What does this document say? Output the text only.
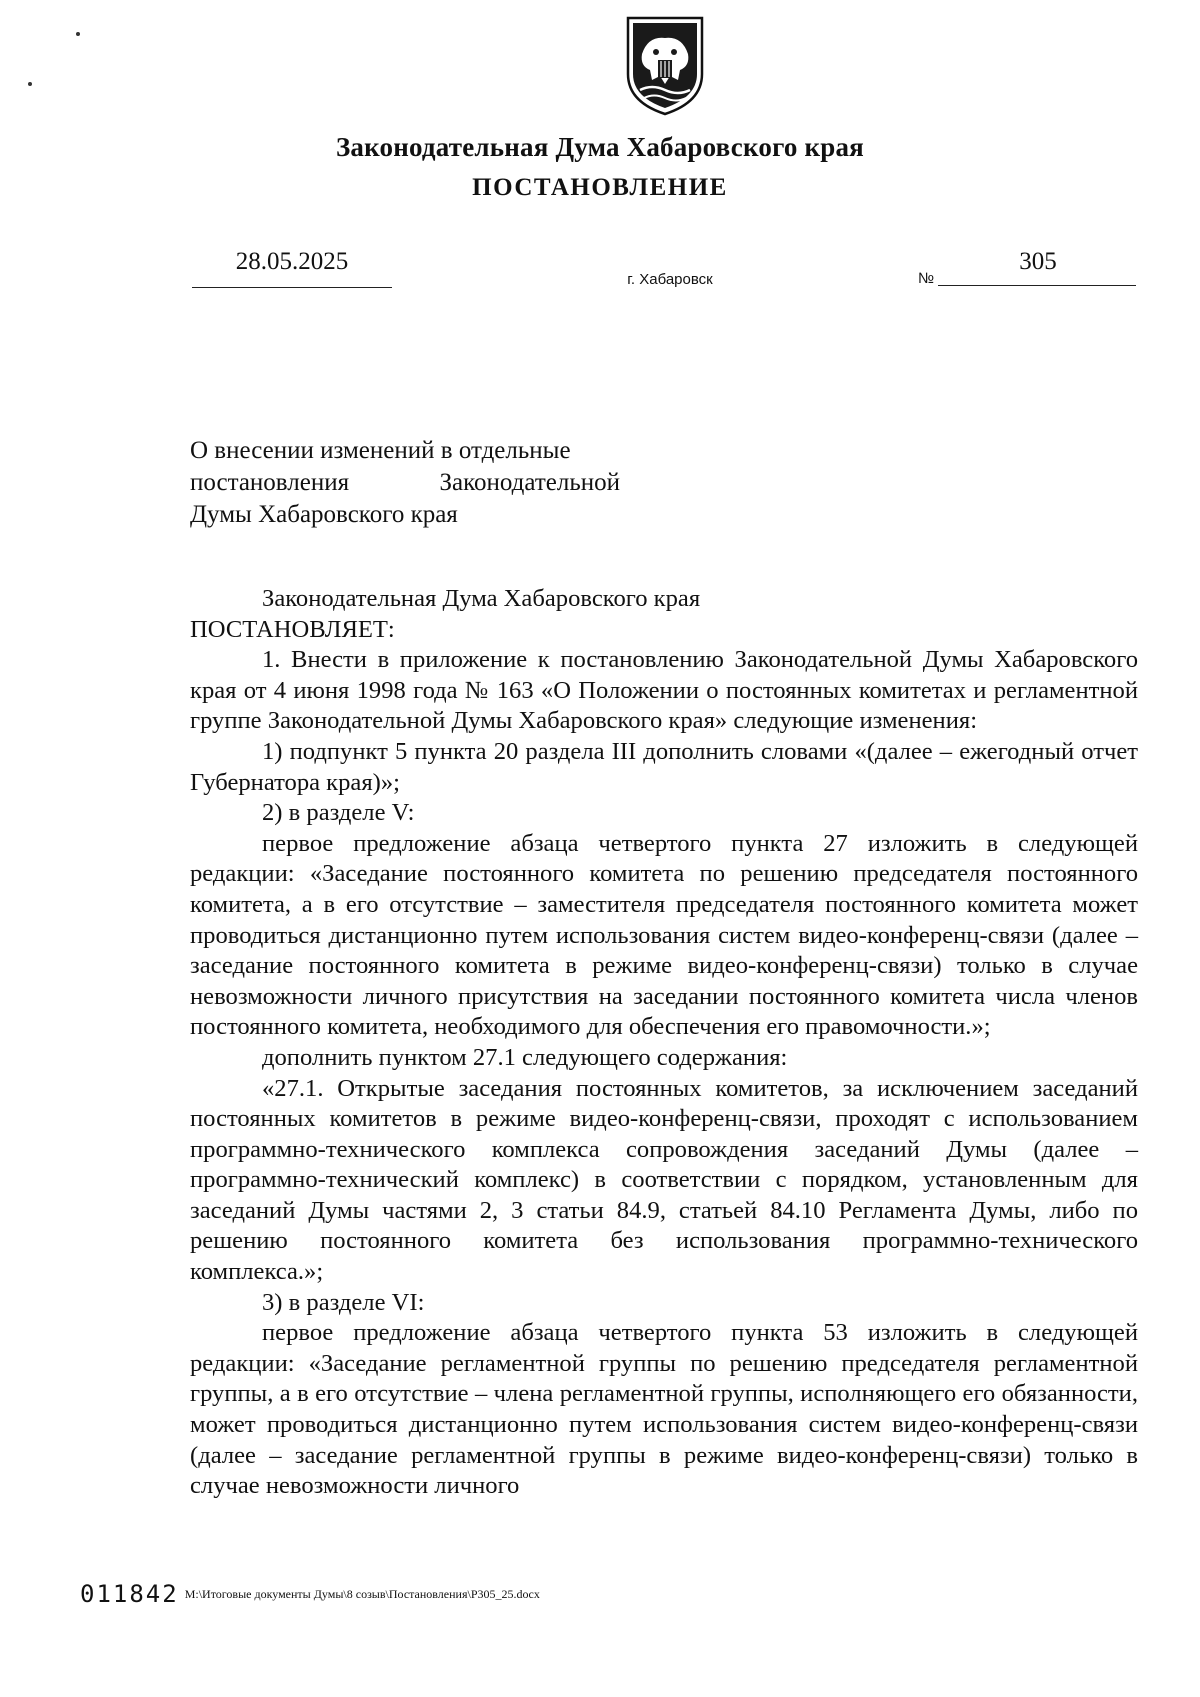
Законодательная Дума Хабаровского края
ПОСТАНОВЛЕНИЕ
28.05.2025
г. Хабаровск	№
305
О внесении изменений в отдельные
постановления	Законодательной
Думы Хабаровского края

Законодательная Дума Хабаровского края

ПОСТАНОВЛЯЕТ:

1. Внести в приложение к постановлению Законодательной Думы Хабаровского края от 4 июня 1998 года № 163 «О Положении о постоянных комитетах и регламентной группе Законодательной Думы Хабаровского края» следующие изменения:

1) подпункт 5 пункта 20 раздела III дополнить словами «(далее – ежегодный отчет Губернатора края)»;

2) в разделе V:

первое предложение абзаца четвертого пункта 27 изложить в следующей редакции: «Заседание постоянного комитета по решению председателя постоянного комитета, а в его отсутствие – заместителя председателя постоянного комитета может проводиться дистанционно путем использования систем видео-конференц-связи (далее – заседание постоянного комитета в режиме видео-конференц-связи) только в случае невозможности личного присутствия на заседании постоянного комитета числа членов постоянного комитета, необходимого для обеспечения его правомочности.»;

дополнить пунктом 27.1 следующего содержания:

«27.1. Открытые заседания постоянных комитетов, за исключением заседаний постоянных комитетов в режиме видео-конференц-связи, проходят с использованием программно-технического комплекса сопровождения заседаний Думы (далее – программно-технический комплекс) в соответствии с порядком, установленным для заседаний Думы частями 2, 3 статьи 84.9, статьей 84.10 Регламента Думы, либо по решению постоянного комитета без использования программно-технического комплекса.»;

3) в разделе VI:

первое предложение абзаца четвертого пункта 53 изложить в следующей редакции: «Заседание регламентной группы по решению председателя регламентной группы, а в его отсутствие – члена регламентной группы, исполняющего его обязанности, может проводиться дистанционно путем использования систем видео-конференц-связи (далее – заседание регламентной группы в режиме видео-конференц-связи) только в случае невозможности личного

011842 M:\Итоговые документы Думы\8 созыв\Постановления\P305_25.docx
